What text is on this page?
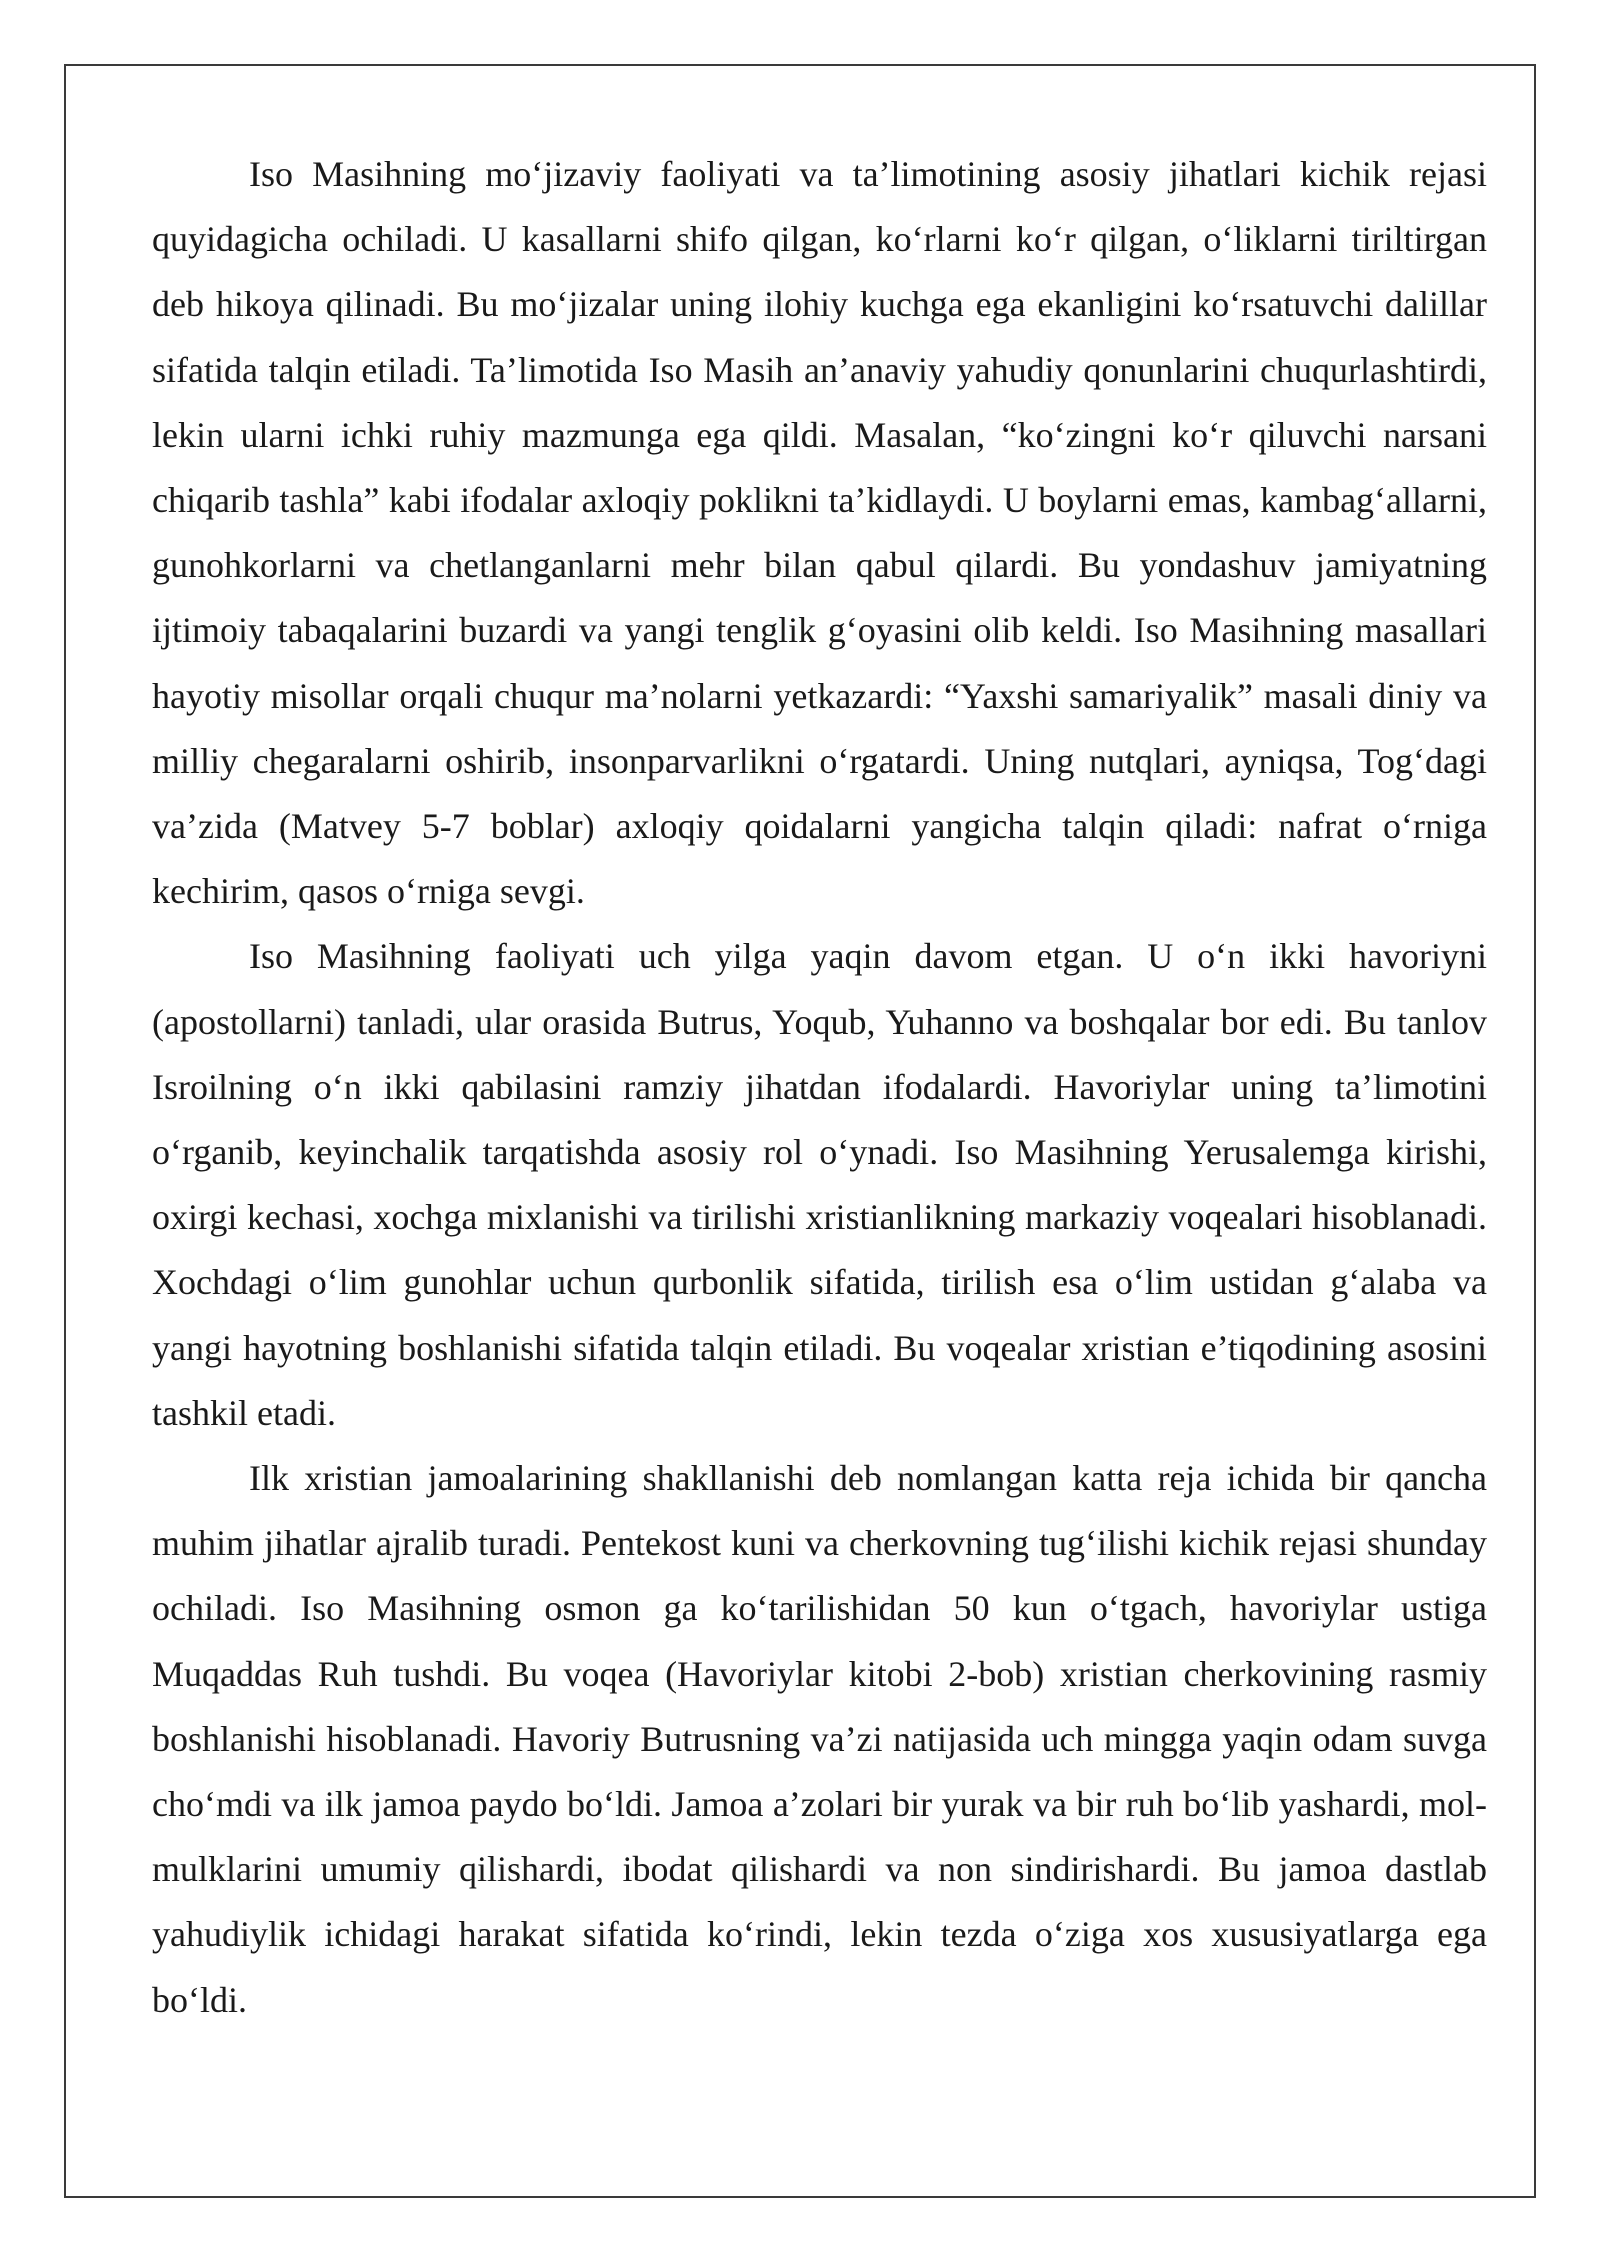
Iso Masihning mo‘jizaviy faoliyati va ta’limotining asosiy jihatlari kichik rejasi quyidagicha ochiladi. U kasallarni shifo qilgan, ko‘rlarni ko‘r qilgan, o‘liklarni tiriltirgan deb hikoya qilinadi. Bu mo‘jizalar uning ilohiy kuchga ega ekanligini ko‘rsatuvchi dalillar sifatida talqin etiladi. Ta’limotida Iso Masih an’anaviy yahudiy qonunlarini chuqurlashtirdi, lekin ularni ichki ruhiy mazmunga ega qildi. Masalan, “ko‘zingni ko‘r qiluvchi narsani chiqarib tashla” kabi ifodalar axloqiy poklikni ta’kidlaydi. U boylarni emas, kambag‘allarni, gunohkorlarni va chetlanganlarni mehr bilan qabul qilardi. Bu yondashuv jamiyatning ijtimoiy tabaqalarini buzardi va yangi tenglik g‘oyasini olib keldi. Iso Masihning masallari hayotiy misollar orqali chuqur ma’nolarni yetkazardi: “Yaxshi samariyalik” masali diniy va milliy chegaralarni oshirib, insonparvarlikni o‘rgatardi. Uning nutqlari, ayniqsa, Tog‘dagi va’zida (Matvey 5-7 boblar) axloqiy qoidalarni yangicha talqin qiladi: nafrat o‘rniga kechirim, qasos o‘rniga sevgi.

Iso Masihning faoliyati uch yilga yaqin davom etgan. U o‘n ikki havoriyni (apostollarni) tanladi, ular orasida Butrus, Yoqub, Yuhanno va boshqalar bor edi. Bu tanlov Isroilning o‘n ikki qabilasini ramziy jihatdan ifodalardi. Havoriylar uning ta’limotini o‘rganib, keyinchalik tarqatishda asosiy rol o‘ynadi. Iso Masihning Yerusalemga kirishi, oxirgi kechasi, xochga mixlanishi va tirilishi xristianlikning markaziy voqealari hisoblanadi. Xochdagi o‘lim gunohlar uchun qurbonlik sifatida, tirilish esa o‘lim ustidan g‘alaba va yangi hayotning boshlanishi sifatida talqin etiladi. Bu voqealar xristian e’tiqodining asosini tashkil etadi.

Ilk xristian jamoalarining shakllanishi deb nomlangan katta reja ichida bir qancha muhim jihatlar ajralib turadi. Pentekost kuni va cherkovning tug‘ilishi kichik rejasi shunday ochiladi. Iso Masihning osmon ga ko‘tarilishidan 50 kun o‘tgach, havoriylar ustiga Muqaddas Ruh tushdi. Bu voqea (Havoriylar kitobi 2-bob) xristian cherkovining rasmiy boshlanishi hisoblanadi. Havoriy Butrusning va’zi natijasida uch mingga yaqin odam suvga cho‘mdi va ilk jamoa paydo bo‘ldi. Jamoa a’zolari bir yurak va bir ruh bo‘lib yashardi, mol-mulklarini umumiy qilishardi, ibodat qilishardi va non sindirishardi. Bu jamoa dastlab yahudiylik ichidagi harakat sifatida ko‘rindi, lekin tezda o‘ziga xos xususiyatlarga ega bo‘ldi.
